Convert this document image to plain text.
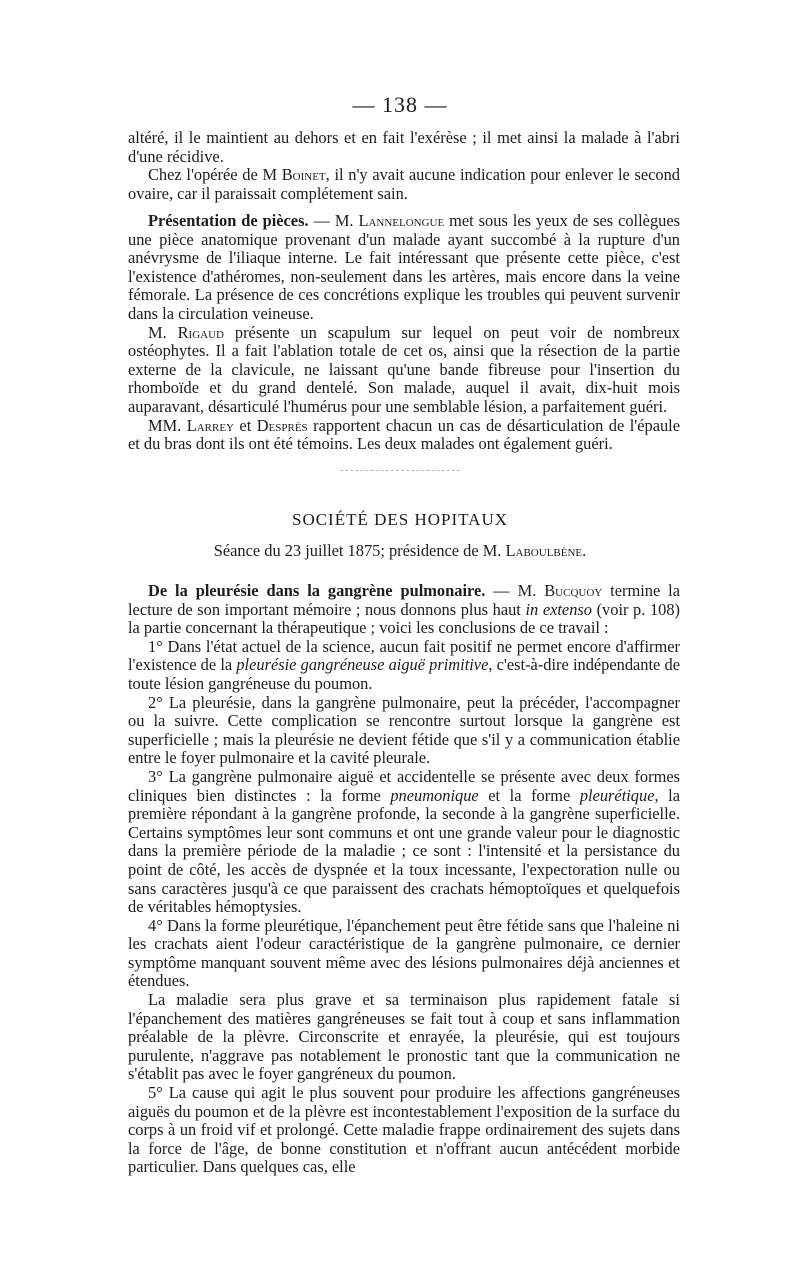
— 138 —

altéré, il le maintient au dehors et en fait l'exérèse ; il met ainsi la malade à l'abri d'une récidive.

Chez l'opérée de M Boinet, il n'y avait aucune indication pour enlever le second ovaire, car il paraissait complétement sain.

Présentation de pièces. — M. Lannelongue met sous les yeux de ses collègues une pièce anatomique provenant d'un malade ayant succombé à la rupture d'un anévrysme de l'iliaque interne. Le fait intéressant que présente cette pièce, c'est l'existence d'athéromes, non-seulement dans les artères, mais encore dans la veine fémorale. La présence de ces concrétions explique les troubles qui peuvent survenir dans la circulation veineuse.

M. Rigaud présente un scapulum sur lequel on peut voir de nombreux ostéophytes. Il a fait l'ablation totale de cet os, ainsi que la résection de la partie externe de la clavicule, ne laissant qu'une bande fibreuse pour l'insertion du rhomboïde et du grand dentelé. Son malade, auquel il avait, dix-huit mois auparavant, désarticulé l'humérus pour une semblable lésion, a parfaitement guéri.

MM. Larrey et Després rapportent chacun un cas de désarticulation de l'épaule et du bras dont ils ont été témoins. Les deux malades ont également guéri.

SOCIÉTÉ DES HOPITAUX
Séance du 23 juillet 1875; présidence de M. Laboulbène.

De la pleurésie dans la gangrène pulmonaire. — M. Bucquoy termine la lecture de son important mémoire ; nous donnons plus haut in extenso (voir p. 108) la partie concernant la thérapeutique ; voici les conclusions de ce travail :

1° Dans l'état actuel de la science, aucun fait positif ne permet encore d'affirmer l'existence de la pleurésie gangréneuse aiguë primitive, c'est-à-dire indépendante de toute lésion gangréneuse du poumon.

2° La pleurésie, dans la gangrène pulmonaire, peut la précéder, l'accompagner ou la suivre. Cette complication se rencontre surtout lorsque la gangrène est superficielle ; mais la pleurésie ne devient fétide que s'il y a communication établie entre le foyer pulmonaire et la cavité pleurale.

3° La gangrène pulmonaire aiguë et accidentelle se présente avec deux formes cliniques bien distinctes : la forme pneumonique et la forme pleurétique, la première répondant à la gangrène profonde, la seconde à la gangrène superficielle. Certains symptômes leur sont communs et ont une grande valeur pour le diagnostic dans la première période de la maladie ; ce sont : l'intensité et la persistance du point de côté, les accès de dyspnée et la toux incessante, l'expectoration nulle ou sans caractères jusqu'à ce que paraissent des crachats hémoptoïques et quelquefois de véritables hémoptysies.

4° Dans la forme pleurétique, l'épanchement peut être fétide sans que l'haleine ni les crachats aient l'odeur caractéristique de la gangrène pulmonaire, ce dernier symptôme manquant souvent même avec des lésions pulmonaires déjà anciennes et étendues.

La maladie sera plus grave et sa terminaison plus rapidement fatale si l'épanchement des matières gangréneuses se fait tout à coup et sans inflammation préalable de la plèvre. Circonscrite et enrayée, la pleurésie, qui est toujours purulente, n'aggrave pas notablement le pronostic tant que la communication ne s'établit pas avec le foyer gangréneux du poumon.

5° La cause qui agit le plus souvent pour produire les affections gangréneuses aiguës du poumon et de la plèvre est incontestablement l'exposition de la surface du corps à un froid vif et prolongé. Cette maladie frappe ordinairement des sujets dans la force de l'âge, de bonne constitution et n'offrant aucun antécédent morbide particulier. Dans quelques cas, elle
